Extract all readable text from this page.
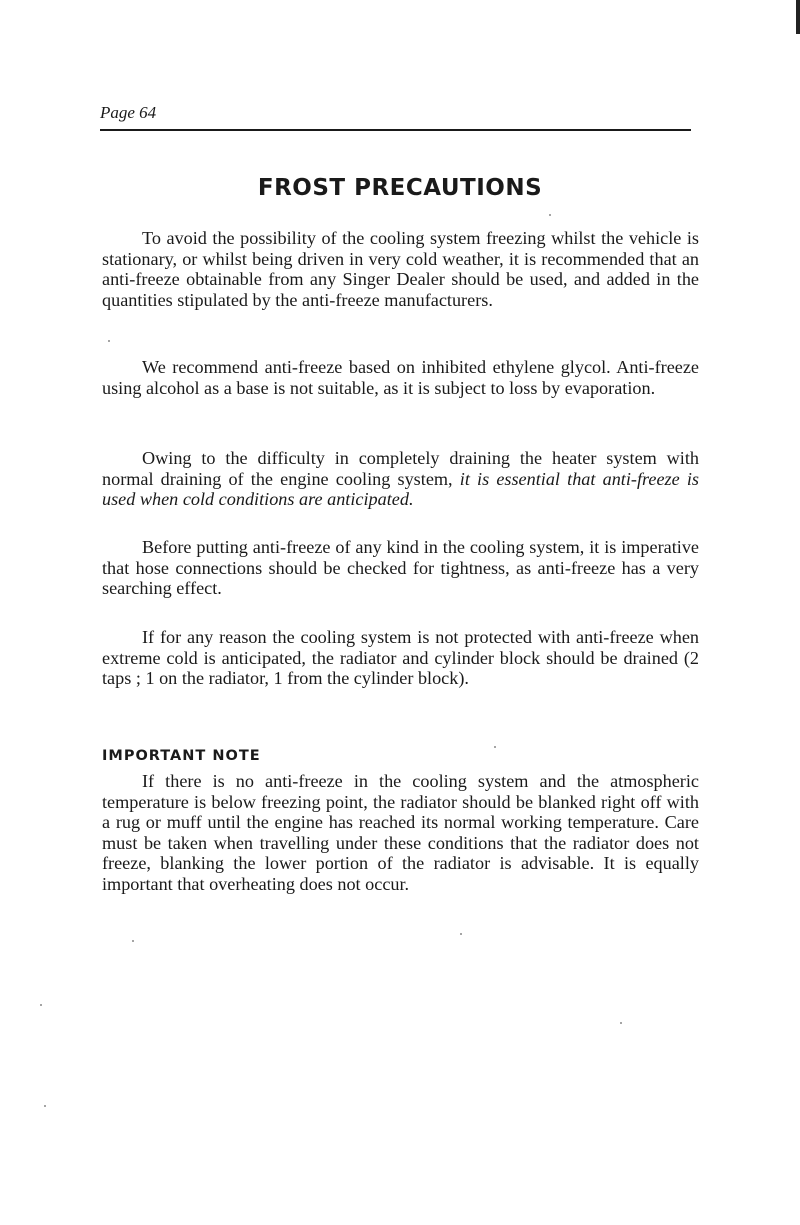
Page 64
FROST PRECAUTIONS

To avoid the possibility of the cooling system freezing whilst the vehicle is stationary, or whilst being driven in very cold weather, it is recommended that an anti-freeze obtainable from any Singer Dealer should be used, and added in the quantities stipulated by the anti-freeze manufacturers.

We recommend anti-freeze based on inhibited ethylene glycol. Anti-freeze using alcohol as a base is not suitable, as it is subject to loss by evaporation.

Owing to the difficulty in completely draining the heater system with normal draining of the engine cooling system, it is essential that anti-freeze is used when cold conditions are anticipated.

Before putting anti-freeze of any kind in the cooling system, it is imperative that hose connections should be checked for tightness, as anti-freeze has a very searching effect.

If for any reason the cooling system is not protected with anti-freeze when extreme cold is anticipated, the radiator and cylinder block should be drained (2 taps ; 1 on the radiator, 1 from the cylinder block).

IMPORTANT NOTE

If there is no anti-freeze in the cooling system and the atmospheric temperature is below freezing point, the radiator should be blanked right off with a rug or muff until the engine has reached its normal working temperature. Care must be taken when travelling under these conditions that the radiator does not freeze, blanking the lower portion of the radiator is advisable. It is equally important that overheating does not occur.
